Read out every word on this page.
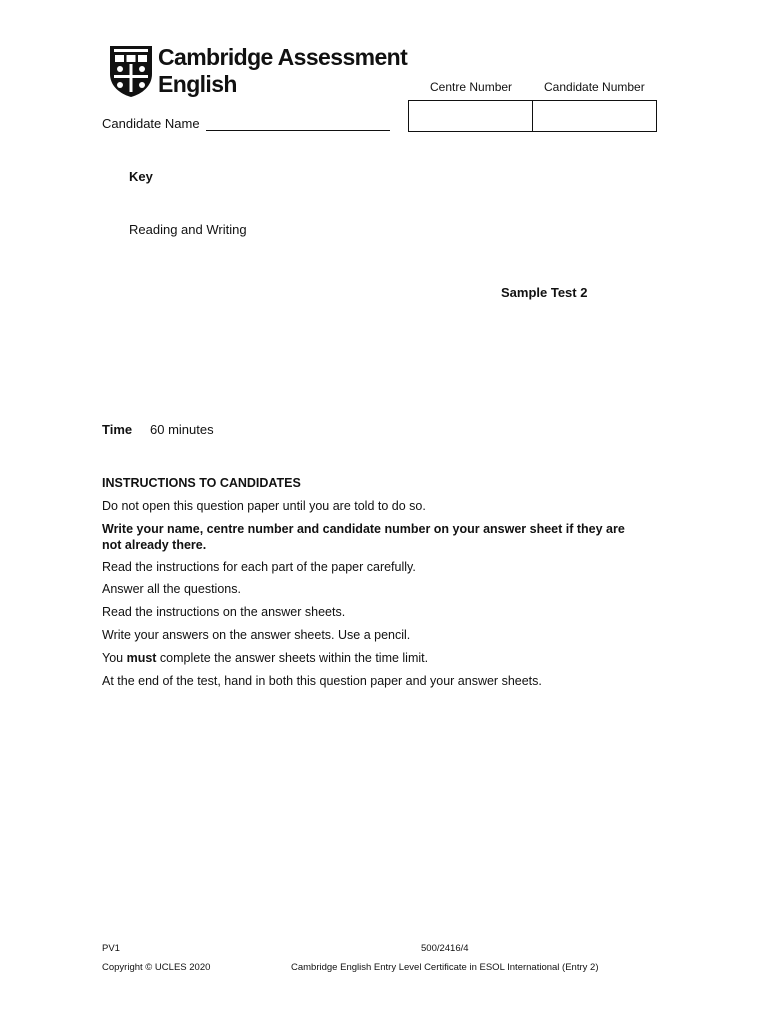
Cambridge Assessment
English	Centre Number	Candidate Number
Candidate Name
Key
Reading and Writing
Sample Test 2
Time 60 minutes
INSTRUCTIONS TO CANDIDATES
Do not open this question paper until you are told to do so.
Write your name, centre number and candidate number on your answer sheet if they are
not already there.
Read the instructions for each part of the paper carefully.
Answer all the questions.
Read the instructions on the answer sheets.
Write your answers on the answer sheets. Use a pencil.
You must complete the answer sheets within the time limit.
At the end of the test, hand in both this question paper and your answer sheets.
PV1	500/2416/4
Copyright © UCLES 2020	Cambridge English Entry Level Certificate in ESOL International (Entry 2)
